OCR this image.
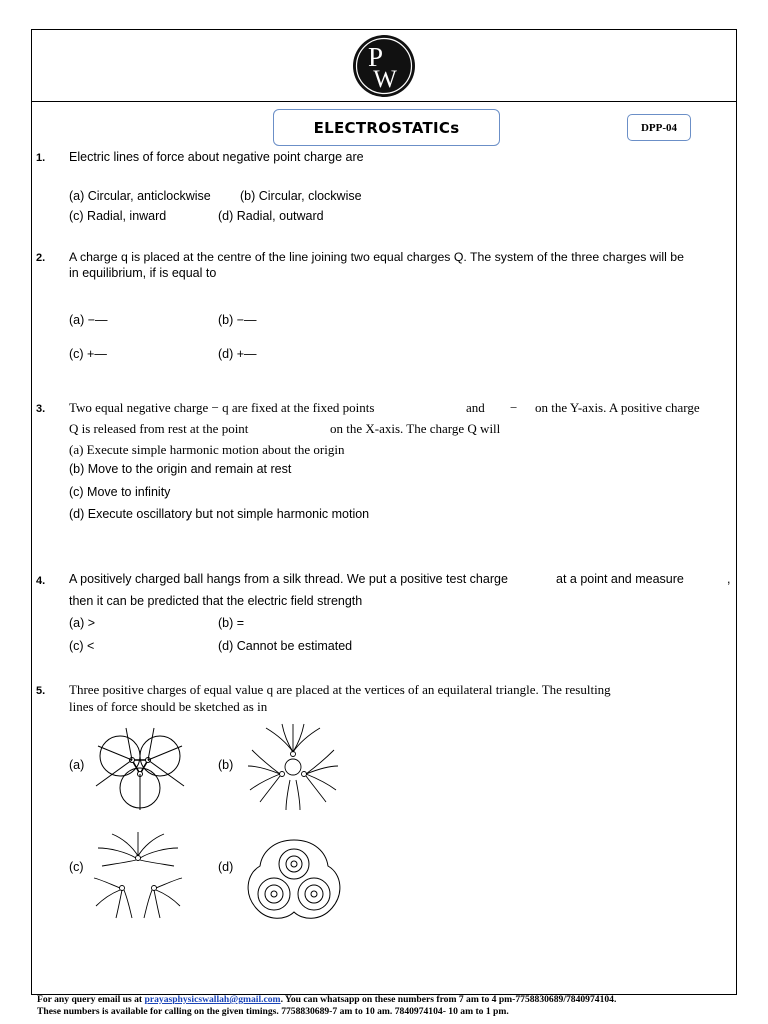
P
W
ELECTROSTATICs	DPP-04
1. Electric lines of force about negative point charge are
(a) Circular, anticlockwise (b) Circular, clockwise
(c) Radial, inward	(d) Radial, outward
2. A charge q is placed at the centre of the line joining two equal charges Q. The system of the three charges will be
in equilibrium, if is equal to
(a) −—	(b) −—
(c) +—	(d) +—
3. Two equal negative charge − q are fixed at the fixed points	and − on the Y-axis. A positive charge
Q is released from rest at the point	on the X-axis. The charge Q will
(a) Execute simple harmonic motion about the origin
(b) Move to the origin and remain at rest
(c) Move to infinity
(d) Execute oscillatory but not simple harmonic motion
4. A positively charged ball hangs from a silk thread. We put a positive test charge	at a point and measure	,
then it can be predicted that the electric field strength
(a) >	(b) =
(c) <	(d) Cannot be estimated
5. Three positive charges of equal value q are placed at the vertices of an equilateral triangle. The resulting
lines of force should be sketched as in
(a)	(b)
(c)	(d)
For any query email us at prayasphysicswallah@gmail.com. You can whatsapp on these numbers from 7 am to 4 pm-7758830689/7840974104.
These numbers is available for calling on the given timings. 7758830689-7 am to 10 am. 7840974104- 10 am to 1 pm.
